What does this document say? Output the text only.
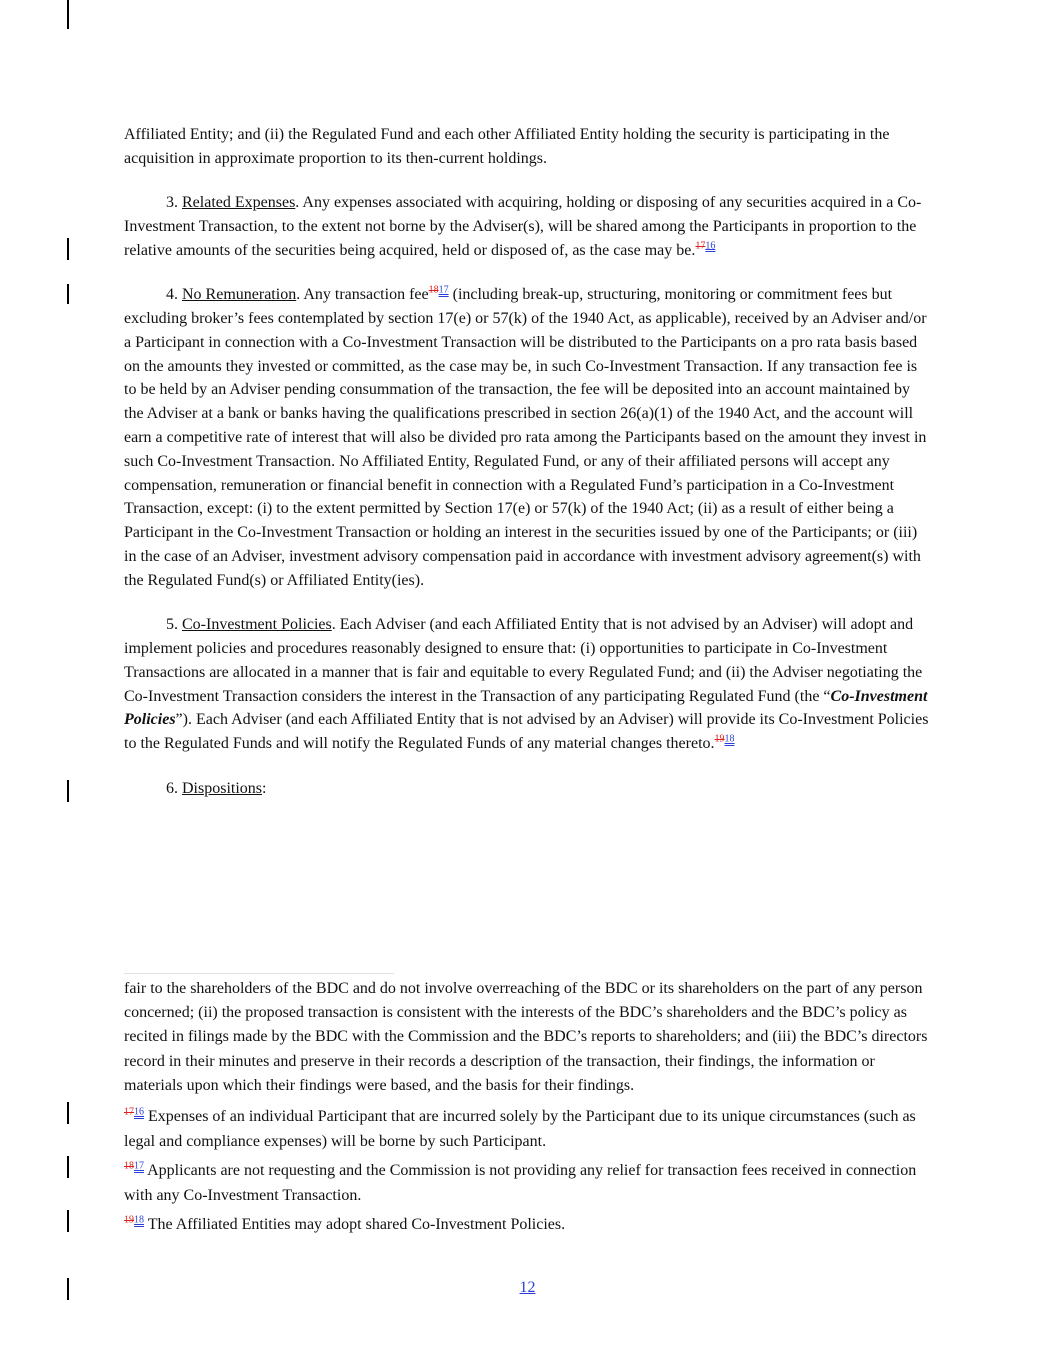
Affiliated Entity; and (ii) the Regulated Fund and each other Affiliated Entity holding the security is participating in the acquisition in approximate proportion to its then-current holdings.

3. Related Expenses. Any expenses associated with acquiring, holding or disposing of any securities acquired in a Co-Investment Transaction, to the extent not borne by the Adviser(s), will be shared among the Participants in proportion to the relative amounts of the securities being acquired, held or disposed of, as the case may be.$^{1716}$

4. No Remuneration. Any transaction fee$^{1817}$ (including break-up, structuring, monitoring or commitment fees but excluding broker’s fees contemplated by section 17(e) or 57(k) of the 1940 Act, as applicable), received by an Adviser and/or a Participant in connection with a Co-Investment Transaction will be distributed to the Participants on a pro rata basis based on the amounts they invested or committed, as the case may be, in such Co-Investment Transaction. If any transaction fee is to be held by an Adviser pending consummation of the transaction, the fee will be deposited into an account maintained by the Adviser at a bank or banks having the qualifications prescribed in section 26(a)(1) of the 1940 Act, and the account will earn a competitive rate of interest that will also be divided pro rata among the Participants based on the amount they invest in such Co-Investment Transaction. No Affiliated Entity, Regulated Fund, or any of their affiliated persons will accept any compensation, remuneration or financial benefit in connection with a Regulated Fund’s participation in a Co-Investment Transaction, except: (i) to the extent permitted by Section 17(e) or 57(k) of the 1940 Act; (ii) as a result of either being a Participant in the Co-Investment Transaction or holding an interest in the securities issued by one of the Participants; or (iii) in the case of an Adviser, investment advisory compensation paid in accordance with investment advisory agreement(s) with the Regulated Fund(s) or Affiliated Entity(ies).

5. Co-Investment Policies. Each Adviser (and each Affiliated Entity that is not advised by an Adviser) will adopt and implement policies and procedures reasonably designed to ensure that: (i) opportunities to participate in Co-Investment Transactions are allocated in a manner that is fair and equitable to every Regulated Fund; and (ii) the Adviser negotiating the Co-Investment Transaction considers the interest in the Transaction of any participating Regulated Fund (the “Co-Investment Policies”). Each Adviser (and each Affiliated Entity that is not advised by an Adviser) will provide its Co-Investment Policies to the Regulated Funds and will notify the Regulated Funds of any material changes thereto.$^{1918}$

6. Dispositions:

fair to the shareholders of the BDC and do not involve overreaching of the BDC or its shareholders on the part of any person concerned; (ii) the proposed transaction is consistent with the interests of the BDC’s shareholders and the BDC’s policy as recited in filings made by the BDC with the Commission and the BDC’s reports to shareholders; and (iii) the BDC’s directors record in their minutes and preserve in their records a description of the transaction, their findings, the information or materials upon which their findings were based, and the basis for their findings.

$^{1716}$ Expenses of an individual Participant that are incurred solely by the Participant due to its unique circumstances (such as legal and compliance expenses) will be borne by such Participant.

$^{1817}$ Applicants are not requesting and the Commission is not providing any relief for transaction fees received in connection with any Co-Investment Transaction.

$^{1918}$ The Affiliated Entities may adopt shared Co-Investment Policies.

12
